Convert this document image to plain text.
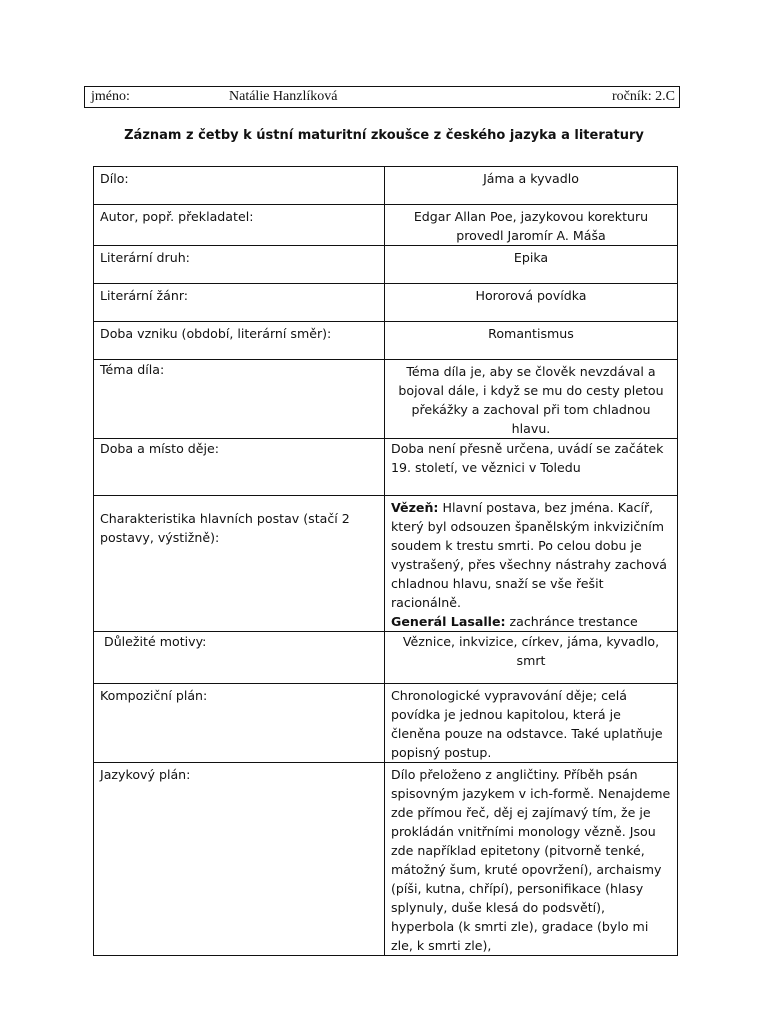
jméno:	Natálie Hanzlíková	ročník: 2.C
Záznam z četby k ústní maturitní zkoušce z českého jazyka a literatury
Dílo:	Jáma a kyvadlo

Autor, popř. překladatel:	Edgar Allan Poe, jazykovou korekturu provedl Jaromír A. Máša

Literární druh:	Epika

Literární žánr:	Hororová povídka

Doba vzniku (období, literární směr):	Romantismus

Téma díla:	Téma díla je, aby se člověk nevzdával a bojoval dále, i když se mu do cesty pletou překážky a zachoval při tom chladnou hlavu.

Doba a místo děje:	Doba není přesně určena, uvádí se začátek 19. století, ve věznici v Toledu

Charakteristika hlavních postav (stačí 2 postavy, výstižně):	Vězeň: Hlavní postava, bez jména. Kacíř, který byl odsouzen španělským inkvizičním soudem k trestu smrti. Po celou dobu je vystrašený, přes všechny nástrahy zachová chladnou hlavu, snaží se vše řešit racionálně.
Generál Lasalle: zachránce trestance

Důležité motivy:	Věznice, inkvizice, církev, jáma, kyvadlo, smrt

Kompoziční plán:	Chronologické vypravování děje; celá povídka je jednou kapitolou, která je členěna pouze na odstavce. Také uplatňuje popisný postup.

Jazykový plán:	Dílo přeloženo z angličtiny. Příběh psán spisovným jazykem v ich-formě. Nenajdeme zde přímou řeč, děj ej zajímavý tím, že je prokládán vnitřními monology vězně. Jsou zde například epitetony (pitvorně tenké, mátožný šum, kruté opovržení), archaismy (píši, kutna, chřípí), personifikace (hlasy splynuly, duše klesá do podsvětí), hyperbola (k smrti zle), gradace (bylo mi zle, k smrti zle),
